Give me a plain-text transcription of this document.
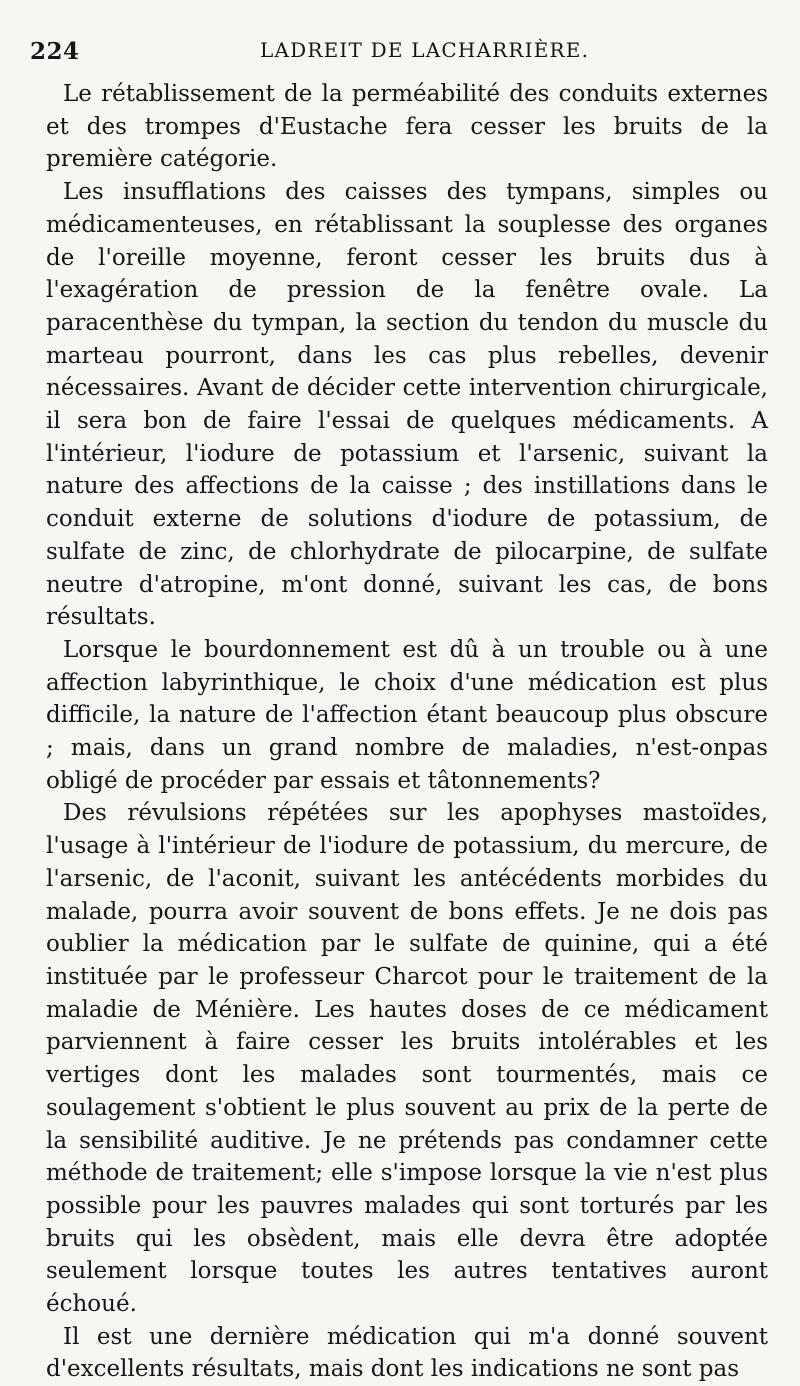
224	LADREIT DE LACHARRIÈRE.

Le rétablissement de la perméabilité des conduits externes et des trompes d'Eustache fera cesser les bruits de la première catégorie.

Les insufflations des caisses des tympans, simples ou médicamenteuses, en rétablissant la souplesse des organes de l'oreille moyenne, feront cesser les bruits dus à l'exagération de pression de la fenêtre ovale. La paracenthèse du tympan, la section du tendon du muscle du marteau pourront, dans les cas plus rebelles, devenir nécessaires. Avant de décider cette intervention chirurgicale, il sera bon de faire l'essai de quelques médicaments. A l'intérieur, l'iodure de potassium et l'arsenic, suivant la nature des affections de la caisse ; des instillations dans le conduit externe de solutions d'iodure de potassium, de sulfate de zinc, de chlorhydrate de pilocarpine, de sulfate neutre d'atropine, m'ont donné, suivant les cas, de bons résultats.

Lorsque le bourdonnement est dû à un trouble ou à une affection labyrinthique, le choix d'une médication est plus difficile, la nature de l'affection étant beaucoup plus obscure ; mais, dans un grand nombre de maladies, n'est-onpas obligé de procéder par essais et tâtonnements?

Des révulsions répétées sur les apophyses mastoïdes, l'usage à l'intérieur de l'iodure de potassium, du mercure, de l'arsenic, de l'aconit, suivant les antécédents morbides du malade, pourra avoir souvent de bons effets. Je ne dois pas oublier la médication par le sulfate de quinine, qui a été instituée par le professeur Charcot pour le traitement de la maladie de Ménière. Les hautes doses de ce médicament parviennent à faire cesser les bruits intolérables et les vertiges dont les malades sont tourmentés, mais ce soulagement s'obtient le plus souvent au prix de la perte de la sensibilité auditive. Je ne prétends pas condamner cette méthode de traitement; elle s'impose lorsque la vie n'est plus possible pour les pauvres malades qui sont torturés par les bruits qui les obsèdent, mais elle devra être adoptée seulement lorsque toutes les autres tentatives auront échoué.

Il est une dernière médication qui m'a donné souvent d'excellents résultats, mais dont les indications ne sont pas
